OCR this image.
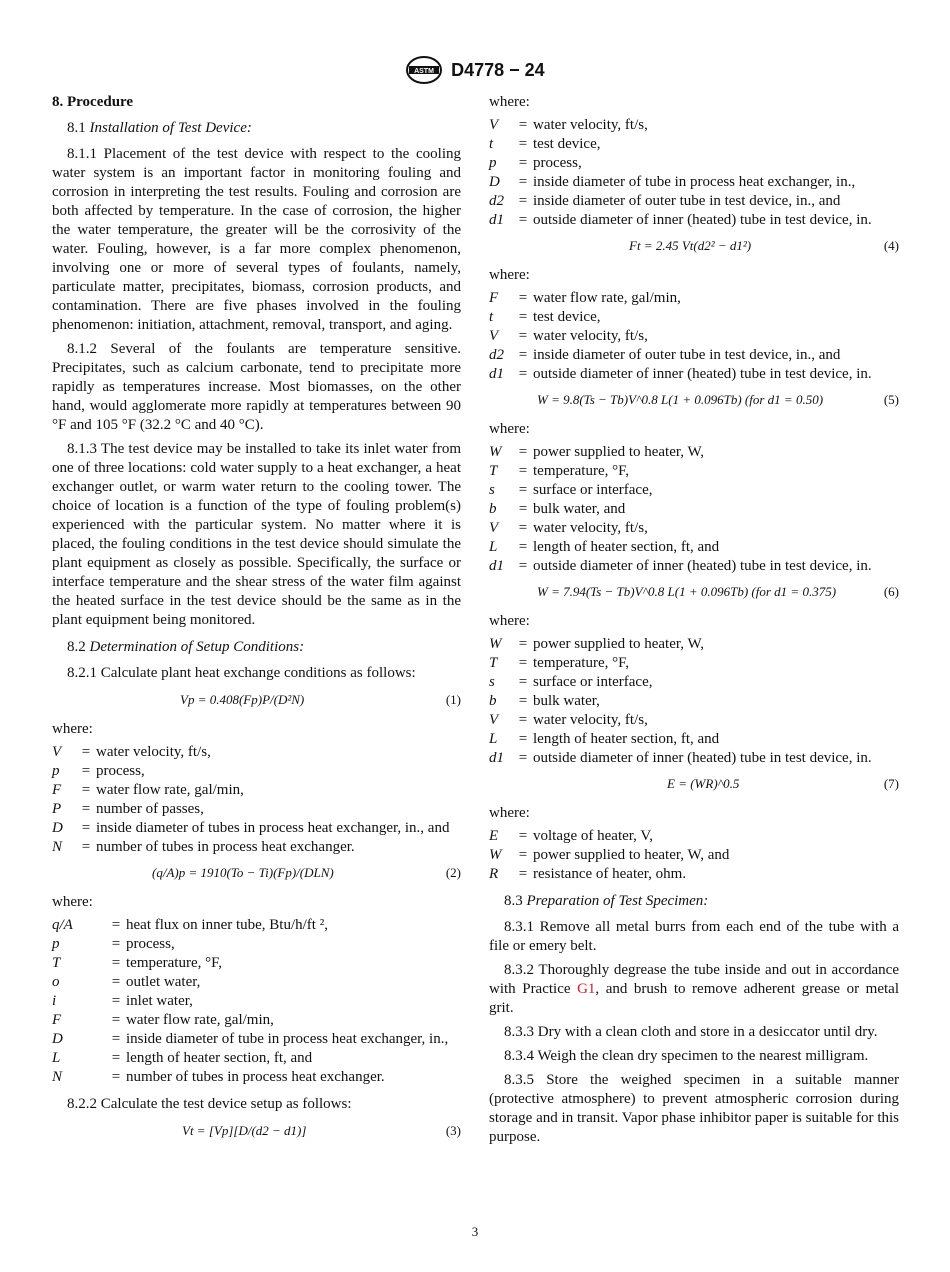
ASTM D4778 − 24

8. Procedure

8.1 Installation of Test Device:

8.1.1 Placement of the test device with respect to the cooling water system is an important factor in monitoring fouling and corrosion in interpreting the test results. Fouling and corrosion are both affected by temperature. In the case of corrosion, the higher the water temperature, the greater will be the corrosivity of the water. Fouling, however, is a far more complex phenomenon, involving one or more of several types of foulants, namely, particulate matter, precipitates, biomass, corrosion products, and contamination. There are five phases involved in the fouling phenomenon: initiation, attachment, removal, transport, and aging.

8.1.2 Several of the foulants are temperature sensitive. Precipitates, such as calcium carbonate, tend to precipitate more rapidly as temperatures increase. Most biomasses, on the other hand, would agglomerate more rapidly at temperatures between 90 °F and 105 °F (32.2 °C and 40 °C).

8.1.3 The test device may be installed to take its inlet water from one of three locations: cold water supply to a heat exchanger, a heat exchanger outlet, or warm water return to the cooling tower. The choice of location is a function of the type of fouling problem(s) experienced with the particular system. No matter where it is placed, the fouling conditions in the test device should simulate the plant equipment as closely as possible. Specifically, the surface or interface temperature and the shear stress of the water film against the heated surface in the test device should be the same as in the plant equipment being monitored.

8.2 Determination of Setup Conditions:

8.2.1 Calculate plant heat exchange conditions as follows:

Vp = 0.408(Fp)P/(D²N)	(1)

where:

V	= water velocity, ft/s,
p	= process,
F	= water flow rate, gal/min,
P	= number of passes,
D	= inside diameter of tubes in process heat exchanger, in., and
N	= number of tubes in process heat exchanger.
(q/A)p = 1910(To − Ti)(Fp)/(DLN)	(2)

where:

q/A	= heat flux on inner tube, Btu/h/ft ²,
p	= process,
T	= temperature, °F,
o	= outlet water,
i	= inlet water,
F	= water flow rate, gal/min,
D	= inside diameter of tube in process heat exchanger, in.,
L	= length of heater section, ft, and
N	= number of tubes in process heat exchanger.

8.2.2 Calculate the test device setup as follows:

Vt = [Vp][D/(d2 − d1)]	(3)

where:

V	= water velocity, ft/s,
t	= test device,
p	= process,
D	= inside diameter of tube in process heat exchanger, in.,
d2 = inside diameter of outer tube in test device, in., and
d1 = outside diameter of inner (heated) tube in test device, in.
Ft = 2.45 Vt(d2² − d1²)	(4)

where:

F	= water flow rate, gal/min,
t	= test device,
V	= water velocity, ft/s,
d2 = inside diameter of outer tube in test device, in., and
d1 = outside diameter of inner (heated) tube in test device, in.
W = 9.8(Ts − Tb)V^0.8 L(1 + 0.096Tb) (for d1 = 0.50)	(5)

where:

W	= power supplied to heater, W,
T	= temperature, °F,
s	= surface or interface,
b	= bulk water, and
V	= water velocity, ft/s,
L	= length of heater section, ft, and
d1 = outside diameter of inner (heated) tube in test device, in.
W = 7.94(Ts − Tb)V^0.8 L(1 + 0.096Tb) (for d1 = 0.375)	(6)

where:

W	= power supplied to heater, W,
T	= temperature, °F,
s	= surface or interface,
b	= bulk water,
V	= water velocity, ft/s,
L	= length of heater section, ft, and
d1 = outside diameter of inner (heated) tube in test device, in.
E = (WR)^0.5	(7)

where:

E	= voltage of heater, V,
W	= power supplied to heater, W, and
R	= resistance of heater, ohm.

8.3 Preparation of Test Specimen:

8.3.1 Remove all metal burrs from each end of the tube with a file or emery belt.

8.3.2 Thoroughly degrease the tube inside and out in accordance with Practice G1, and brush to remove adherent grease or metal grit.

8.3.3 Dry with a clean cloth and store in a desiccator until dry.

8.3.4 Weigh the clean dry specimen to the nearest milligram.

8.3.5 Store the weighed specimen in a suitable manner (protective atmosphere) to prevent atmospheric corrosion during storage and in transit. Vapor phase inhibitor paper is suitable for this purpose.

3
